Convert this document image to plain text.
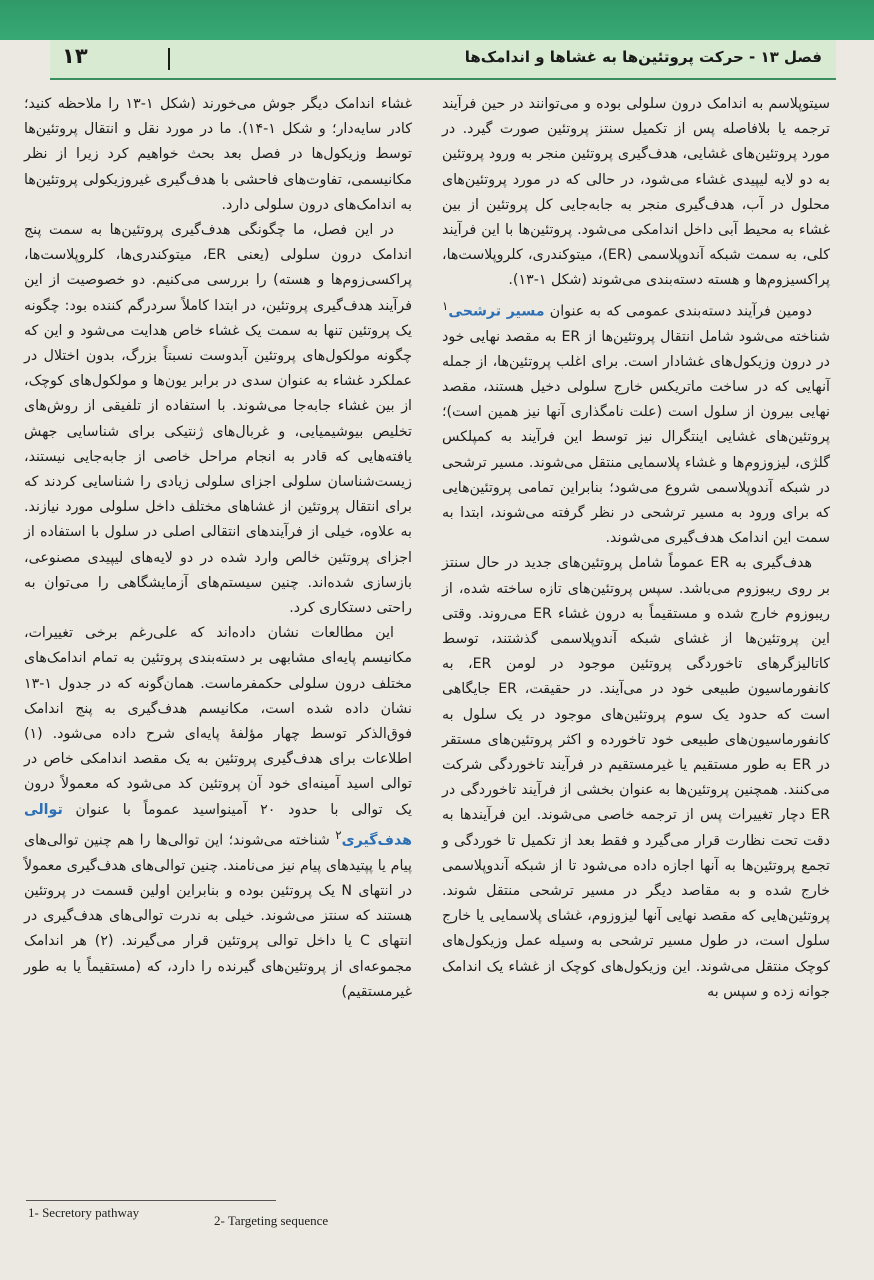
فصل ۱۳ - حرکت پروتئین‌ها به غشاها و اندامک‌ها
۱۳

سیتوپلاسم به اندامک درون سلولی بوده و می‌توانند در حین فرآیند ترجمه یا بلافاصله پس از تکمیل سنتز پروتئین صورت گیرد. در مورد پروتئین‌های غشایی، هدف‌گیری پروتئین منجر به ورود پروتئین به دو لایه لیپیدی غشاء می‌شود، در حالی که در مورد پروتئین‌های محلول در آب، هدف‌گیری منجر به جابه‌جایی کل پروتئین از بین غشاء به محیط آبی داخل اندامکی می‌شود. پروتئین‌ها با این فرآیند کلی، به سمت شبکه آندوپلاسمی (ER)، میتوکندری، کلروپلاست‌ها، پراکسیزوم‌ها و هسته دسته‌بندی می‌شوند (شکل ۱-۱۳).

دومین فرآیند دسته‌بندی عمومی که به عنوان مسیر ترشحی$^۱$ شناخته می‌شود شامل انتقال پروتئین‌ها از ER به مقصد نهایی خود در درون وزیکول‌های غشادار است. برای اغلب پروتئین‌ها، از جمله آنهایی که در ساخت ماتریکس خارج سلولی دخیل هستند، مقصد نهایی بیرون از سلول است (علت نامگذاری آنها نیز همین است)؛ پروتئین‌های غشایی اینتگرال نیز توسط این فرآیند به کمپلکس گلژی، لیزوزوم‌ها و غشاء پلاسمایی منتقل می‌شوند. مسیر ترشحی در شبکه آندوپلاسمی شروع می‌شود؛ بنابراین تمامی پروتئین‌هایی که برای ورود به مسیر ترشحی در نظر گرفته می‌شوند، ابتدا به سمت این اندامک هدف‌گیری می‌شوند.

هدف‌گیری به ER عموماً شامل پروتئین‌های جدید در حال سنتز بر روی ریبوزوم می‌باشد. سپس پروتئین‌های تازه ساخته شده، از ریبوزوم خارج شده و مستقیماً به درون غشاء ER می‌روند. وقتی این پروتئین‌ها از غشای شبکه آندوپلاسمی گذشتند، توسط کاتالیزگرهای تاخوردگی پروتئین موجود در لومن ER، به کانفورماسیون طبیعی خود در می‌آیند. در حقیقت، ER جایگاهی است که حدود یک سوم پروتئین‌های موجود در یک سلول به کانفورماسیون‌های طبیعی خود تاخورده و اکثر پروتئین‌های مستقر در ER به طور مستقیم یا غیرمستقیم در فرآیند تاخوردگی شرکت می‌کنند. همچنین پروتئین‌ها به عنوان بخشی از فرآیند تاخوردگی در ER دچار تغییرات پس از ترجمه خاصی می‌شوند. این فرآیندها به دقت تحت نظارت قرار می‌گیرد و فقط بعد از تکمیل تا خوردگی و تجمع پروتئین‌ها به آنها اجازه داده می‌شود تا از شبکه آندوپلاسمی خارج شده و به مقاصد دیگر در مسیر ترشحی منتقل شوند. پروتئین‌هایی که مقصد نهایی آنها لیزوزوم، غشای پلاسمایی یا خارج سلول است، در طول مسیر ترشحی به وسیله عمل وزیکول‌های کوچک منتقل می‌شوند. این وزیکول‌های کوچک از غشاء یک اندامک جوانه زده و سپس به

غشاء اندامک دیگر جوش می‌خورند (شکل ۱-۱۳ را ملاحظه کنید؛ کادر سایه‌دار؛ و شکل ۱-۱۴). ما در مورد نقل و انتقال پروتئین‌ها توسط وزیکول‌ها در فصل بعد بحث خواهیم کرد زیرا از نظر مکانیسمی، تفاوت‌های فاحشی با هدف‌گیری غیروزیکولی پروتئین‌ها به اندامک‌های درون سلولی دارد.

در این فصل، ما چگونگی هدف‌گیری پروتئین‌ها به سمت پنج اندامک درون سلولی (یعنی ER، میتوکندری‌ها، کلروپلاست‌ها، پراکسی‌زوم‌ها و هسته) را بررسی می‌کنیم. دو خصوصیت از این فرآیند هدف‌گیری پروتئین، در ابتدا کاملاً سردرگم کننده بود: چگونه یک پروتئین تنها به سمت یک غشاء خاص هدایت می‌شود و این که چگونه مولکول‌های پروتئین آبدوست نسبتاً بزرگ، بدون اختلال در عملکرد غشاء به عنوان سدی در برابر یون‌ها و مولکول‌های کوچک، از بین غشاء جابه‌جا می‌شوند. با استفاده از تلفیقی از روش‌های تخلیص بیوشیمیایی، و غربال‌های ژنتیکی برای شناسایی جهش یافته‌هایی که قادر به انجام مراحل خاصی از جابه‌جایی نیستند، زیست‌شناسان سلولی اجزای سلولی زیادی را شناسایی کردند که برای انتقال پروتئین از غشاهای مختلف داخل سلولی مورد نیازند. به علاوه، خیلی از فرآیندهای انتقالی اصلی در سلول با استفاده از اجزای پروتئین خالص وارد شده در دو لایه‌های لیپیدی مصنوعی، بازسازی شده‌اند. چنین سیستم‌های آزمایشگاهی را می‌توان به راحتی دستکاری کرد.

این مطالعات نشان داده‌اند که علی‌رغم برخی تغییرات، مکانیسم پایه‌ای مشابهی بر دسته‌بندی پروتئین به تمام اندامک‌های مختلف درون سلولی حکمفرماست. همان‌گونه که در جدول ۱-۱۳ نشان داده شده است، مکانیسم هدف‌گیری به پنج اندامک فوق‌الذکر توسط چهار مؤلفهٔ پایه‌ای شرح داده می‌شود. (۱) اطلاعات برای هدف‌گیری پروتئین به یک مقصد اندامکی خاص در توالی اسید آمینه‌ای خود آن پروتئین کد می‌شود که معمولاً درون یک توالی با حدود ۲۰ آمینواسید عموماً با عنوان توالی هدف‌گیری$^۲$ شناخته می‌شوند؛ این توالی‌ها را هم چنین توالی‌های پیام یا پپتیدهای پیام نیز می‌نامند. چنین توالی‌های هدف‌گیری معمولاً در انتهای N یک پروتئین بوده و بنابراین اولین قسمت در پروتئین هستند که سنتز می‌شوند. خیلی به ندرت توالی‌های هدف‌گیری در انتهای C یا داخل توالی پروتئین قرار می‌گیرند. (۲) هر اندامک مجموعه‌ای از پروتئین‌های گیرنده را دارد، که (مستقیماً یا به طور غیرمستقیم)

1- Secretory pathway
2- Targeting sequence
